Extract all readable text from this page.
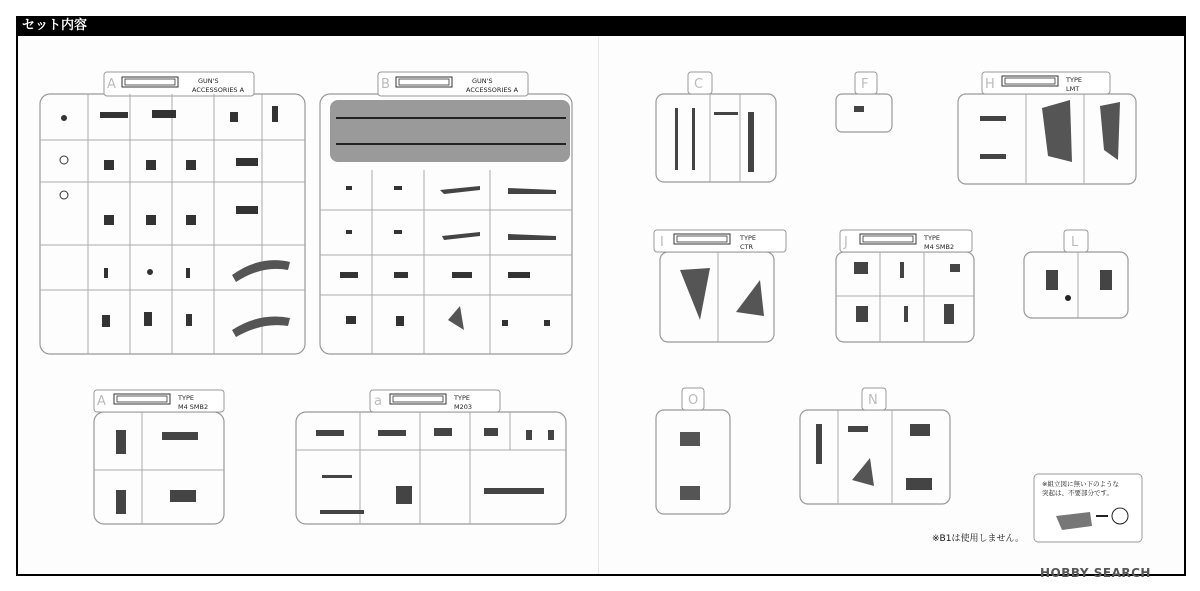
セット内容
A	GUN'S
ACCESSORIES A	B	GUN'S
ACCESSORIES A
A	TYPE
M4 SMB2	a	TYPE
M203
C	F	H	TYPE
LMT
I	TYPE
CTR	J	TYPE
M4 SMB2	L
O	N
※組立図に無い下のような突起は、不要部分です。
※B1は使用しません。
HOBBY SEARCH
